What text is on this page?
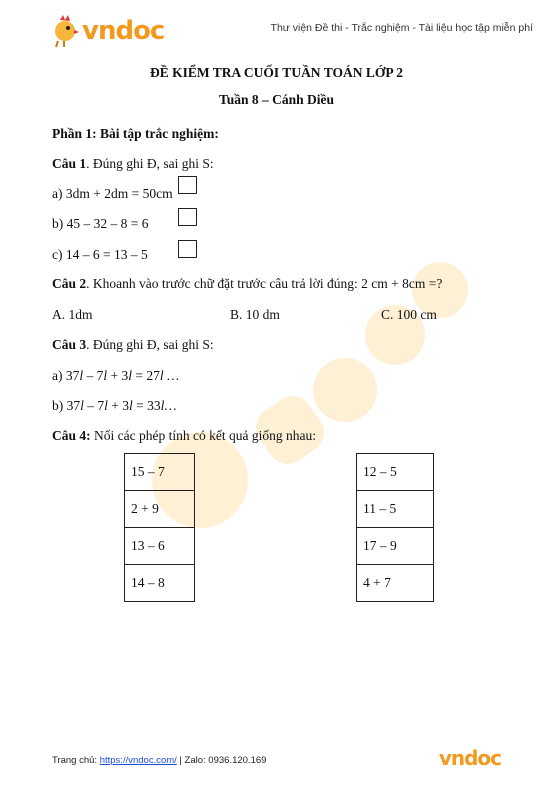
vndoc	Thư viện Đề thi - Trắc nghiệm - Tài liệu học tập miễn phí
ĐỀ KIỂM TRA CUỐI TUẦN TOÁN LỚP 2
Tuần 8 – Cánh Diều
Phần 1: Bài tập trắc nghiệm:
Câu 1. Đúng ghi Đ, sai ghi S:
a) 3dm + 2dm = 50cm
b) 45 – 32 – 8 = 6
c) 14 – 6 = 13 – 5
Câu 2. Khoanh vào trước chữ đặt trước câu trả lời đúng: 2 cm + 8cm =?
A. 1dm	B. 10 dm	C. 100 cm
Câu 3. Đúng ghi Đ, sai ghi S:
a) 37l – 7l + 3l = 27l …
b) 37l – 7l + 3l = 33l…
Câu 4: Nối các phép tính có kết quả giống nhau:
15 – 7
2 + 9
13 – 6
14 – 8
12 – 5
11 – 5
17 – 9
4 + 7
Trang chủ: https://vndoc.com/ | Zalo: 0936.120.169	vndoc
